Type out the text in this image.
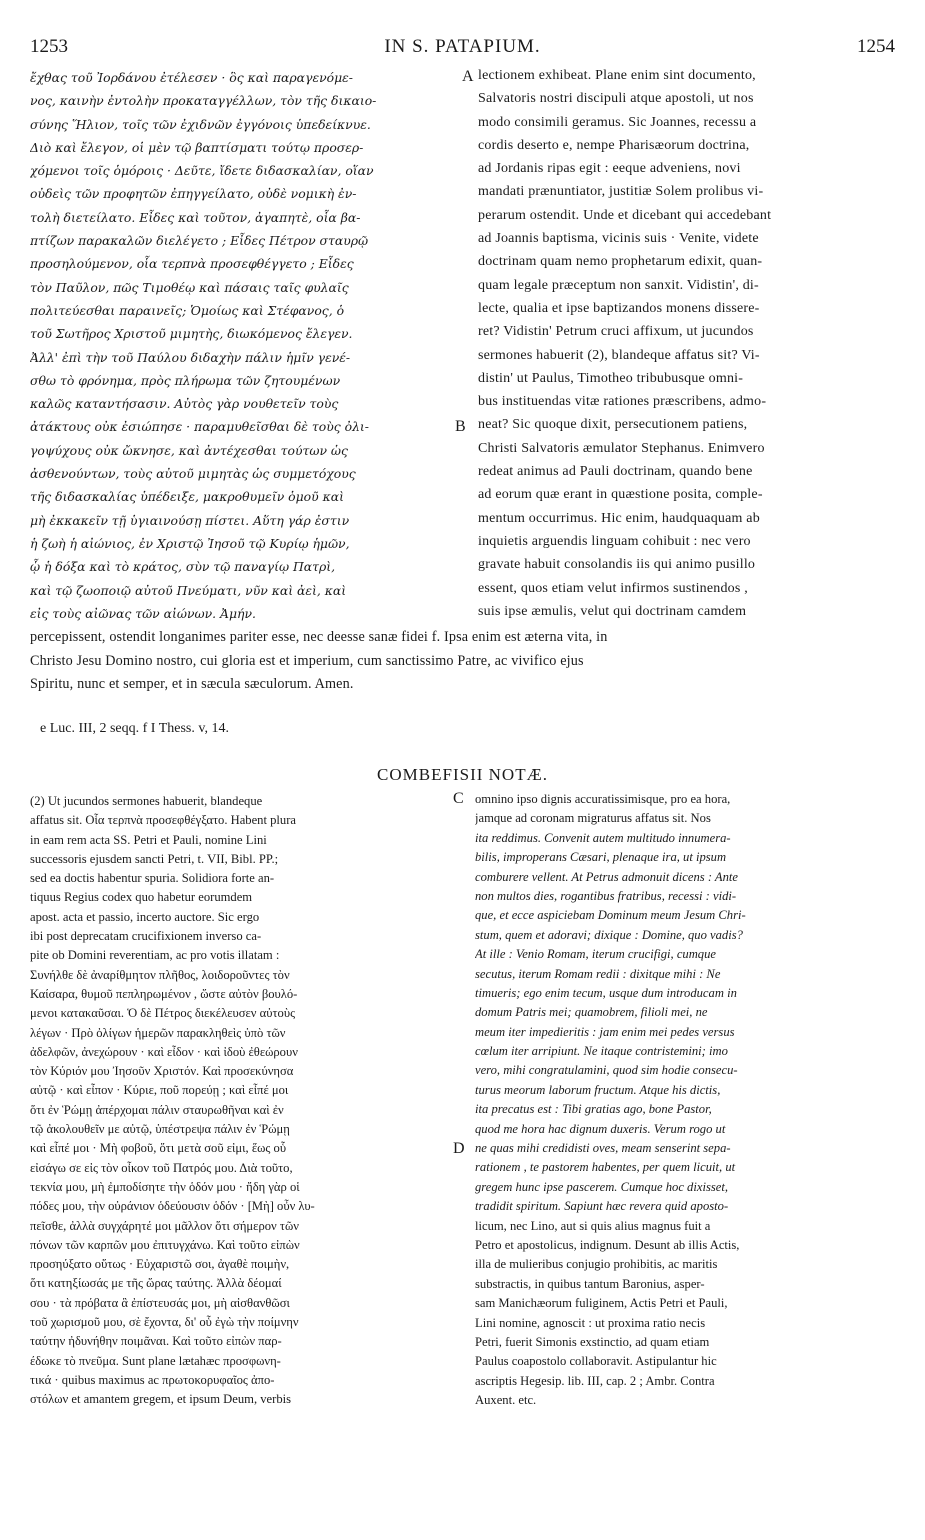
1253	IN S. PATAPIUM.	1254
ἔχθας τοῦ Ἰορδάνου ἐτέλεσεν · ὃς καὶ παραγενόμε-
νος, καινὴν ἐντολὴν προκαταγγέλλων, τὸν τῆς δικαιο-
σύνης Ἥλιον, τοῖς τῶν ἐχιδνῶν ἐγγόνοις ὑπεδείκνυε.
Διὸ καὶ ἔλεγον, οἱ μὲν τῷ βαπτίσματι τούτῳ προσερ-
χόμενοι τοῖς ὁμόροις · Δεῦτε, ἴδετε διδασκαλίαν, οἵαν
οὐδεὶς τῶν προφητῶν ἐπηγγείλατο, οὐδὲ νομικὴ ἐν-
τολὴ διετείλατο. Εἶδες καὶ τοῦτον, ἀγαπητὲ, οἷα βα-
πτίζων παρακαλῶν διελέγετο ; Εἶδες Πέτρον σταυρῷ
προσηλούμενον, οἷα τερπνὰ προσεφθέγγετο ; Εἶδες
τὸν Παῦλον, πῶς Τιμοθέῳ καὶ πάσαις ταῖς φυλαῖς
πολιτεύεσθαι παραινεῖς; Ὁμοίως καὶ Στέφανος, ὁ
τοῦ Σωτῆρος Χριστοῦ μιμητὴς, διωκόμενος ἔλεγεν.
Ἀλλ' ἐπὶ τὴν τοῦ Παύλου διδαχὴν πάλιν ἡμῖν γενέ-
σθω τὸ φρόνημα, πρὸς πλήρωμα τῶν ζητουμένων
καλῶς καταντήσασιν. Αὐτὸς γὰρ νουθετεῖν τοὺς
ἀτάκτους οὐκ ἐσιώπησε · παραμυθεῖσθαι δὲ τοὺς ὀλι-
γοψύχους οὐκ ὤκνησε, καὶ ἀντέχεσθαι τούτων ὡς
ἀσθενούντων, τοὺς αὐτοῦ μιμητὰς ὡς συμμετόχους
τῆς διδασκαλίας ὑπέδειξε, μακροθυμεῖν ὁμοῦ καὶ
μὴ ἐκκακεῖν τῇ ὑγιαινούσῃ πίστει. Αὕτη γάρ ἐστιν
ἡ ζωὴ ἡ αἰώνιος, ἐν Χριστῷ Ἰησοῦ τῷ Κυρίῳ ἡμῶν,
ᾧ ἡ δόξα καὶ τὸ κράτος, σὺν τῷ παναγίῳ Πατρὶ,
καὶ τῷ ζωοποιῷ αὐτοῦ Πνεύματι, νῦν καὶ ἀεὶ, καὶ
εἰς τοὺς αἰῶνας τῶν αἰώνων. Ἀμήν.
lectionem exhibeat. Plane enim sint documento,
Salvatoris nostri discipuli atque apostoli, ut nos
modo consimili geramus. Sic Joannes, recessu a
cordis deserto e, nempe Pharisæorum doctrina,
ad Jordanis ripas egit : eeque adveniens, novi
mandati prænuntiator, justitiæ Solem prolibus vi-
perarum ostendit. Unde et dicebant qui accedebant
ad Joannis baptisma, vicinis suis · Venite, videte
doctrinam quam nemo prophetarum edixit, quan-
quam legale præceptum non sanxit. Vidistin', di-
lecte, qualia et ipse baptizandos monens dissere-
ret? Vidistin' Petrum cruci affixum, ut jucundos
sermones habuerit (2), blandeque affatus sit? Vi-
distin' ut Paulus, Timotheo tribubusque omni-
bus instituendas vitæ rationes præscribens, admo-
neat? Sic quoque dixit, persecutionem patiens,
Christi Salvatoris æmulator Stephanus. Enimvero
redeat animus ad Pauli doctrinam, quando bene
ad eorum quæ erant in quæstione posita, comple-
mentum occurrimus. Hic enim, haudquaquam ab
inquietis arguendis linguam cohibuit : nec vero
gravate habuit consolandis iis qui animo pusillo
essent, quos etiam velut infirmos sustinendos ,
suis ipse æmulis, velut qui doctrinam camdem
A
B
C
D
percepissent, ostendit longanimes pariter esse, nec deesse sanæ fidei f. Ipsa enim est æterna vita, in
Christo Jesu Domino nostro, cui gloria est et imperium, cum sanctissimo Patre, ac vivifico ejus
Spiritu, nunc et semper, et in sæcula sæculorum. Amen.
e Luc. III, 2 seqq. f I Thess. v, 14.
COMBEFISII NOTÆ.
(2) Ut jucundos sermones habuerit, blandeque
affatus sit. Οἷα τερπνὰ προσεφθέγξατο. Habent plura
in eam rem acta SS. Petri et Pauli, nomine Lini
successoris ejusdem sancti Petri, t. VII, Bibl. PP.;
sed ea doctis habentur spuria. Solidiora forte an-
tiquus Regius codex quo habetur eorumdem
apost. acta et passio, incerto auctore. Sic ergo
ibi post deprecatam crucifixionem inverso ca-
pite ob Domini reverentiam, ac pro votis illatam :
Συνήλθε δὲ ἀναρίθμητον πλῆθος, λοιδοροῦντες τὸν
Καίσαρα, θυμοῦ πεπληρωμένον , ὥστε αὐτὸν βουλό-
μενοι κατακαῦσαι. Ὁ δὲ Πέτρος διεκέλευσεν αὐτοὺς
λέγων · Πρὸ ὀλίγων ἡμερῶν παρακληθεὶς ὑπὸ τῶν
ἀδελφῶν, ἀνεχώρουν · καὶ εἶδον · καὶ ἰδοὺ ἐθεώρουν
τὸν Κύριόν μου Ἰησοῦν Χριστόν. Καὶ προσεκύνησα
αὐτῷ · καὶ εἶπον · Κύριε, ποῦ πορεύῃ ; καὶ εἶπέ μοι
ὅτι ἐν Ῥώμῃ ἀπέρχομαι πάλιν σταυρωθῆναι καὶ ἐν
τῷ ἀκολουθεῖν με αὐτῷ, ὑπέστρεψα πάλιν ἐν Ῥώμῃ
καὶ εἶπέ μοι · Μὴ φοβοῦ, ὅτι μετὰ σοῦ εἰμι, ἕως οὗ
εἰσάγω σε εἰς τὸν οἶκον τοῦ Πατρός μου. Διὰ τοῦτο,
τεκνία μου, μὴ ἐμποδίσητε τὴν ὁδόν μου · ἤδη γὰρ οἱ
πόδες μου, τὴν οὐράνιον ὁδεύουσιν ὁδόν · [Μὴ] οὖν λυ-
πεῖσθε, ἀλλὰ συγχάρητέ μοι μᾶλλον ὅτι σήμερον τῶν
πόνων τῶν καρπῶν μου ἐπιτυγχάνω. Καὶ τοῦτο εἰπὼν
προσηύξατο οὕτως · Εὐχαριστῶ σοι, ἀγαθὲ ποιμὴν,
ὅτι κατηξίωσάς με τῆς ὥρας ταύτης. Ἀλλὰ δέομαί
σου · τὰ πρόβατα ἃ ἐπίστευσάς μοι, μὴ αἰσθανθῶσι
τοῦ χωρισμοῦ μου, σὲ ἔχοντα, δι' οὗ ἐγὼ τὴν ποίμνην
ταύτην ἠδυνήθην ποιμᾶναι. Καὶ τοῦτο εἰπὼν παρ-
έδωκε τὸ πνεῦμα. Sunt plane lætahæc προσφωνη-
τικά · quibus maximus ac πρωτοκορυφαῖος ἀπο-
στόλων et amantem gregem, et ipsum Deum, verbis
omnino ipso dignis accuratissimisque, pro ea hora,
jamque ad coronam migraturus affatus sit. Nos
ita reddimus. Convenit autem multitudo innumera-
bilis, improperans Cæsari, plenaque ira, ut ipsum
comburere vellent. At Petrus admonuit dicens : Ante
non multos dies, rogantibus fratribus, recessi : vidi-
que, et ecce aspiciebam Dominum meum Jesum Chri-
stum, quem et adoravi; dixique : Domine, quo vadis?
At ille : Venio Romam, iterum crucifigi, cumque
secutus, iterum Romam redii : dixitque mihi : Ne
timueris; ego enim tecum, usque dum introducam in
domum Patris mei; quamobrem, filioli mei, ne
meum iter impedieritis : jam enim mei pedes versus
cœlum iter arripiunt. Ne itaque contristemini; imo
vero, mihi congratulamini, quod sim hodie consecu-
turus meorum laborum fructum. Atque his dictis,
ita precatus est : Tibi gratias ago, bone Pastor,
quod me hora hac dignum duxeris. Verum rogo ut
ne quas mihi credidisti oves, meam senserint sepa-
rationem , te pastorem habentes, per quem licuit, ut
gregem hunc ipse pascerem. Cumque hoc dixisset,
tradidit spiritum. Sapiunt hæc revera quid aposto-
licum, nec Lino, aut si quis alius magnus fuit a
Petro et apostolicus, indignum. Desunt ab illis Actis,
illa de mulieribus conjugio prohibitis, ac maritis
substractis, in quibus tantum Baronius, asper-
sam Manichæorum fuliginem, Actis Petri et Pauli,
Lini nomine, agnoscit : ut proxima ratio necis
Petri, fuerit Simonis exstinctio, ad quam etiam
Paulus coapostolo collaboravit. Astipulantur hic
ascriptis Hegesip. lib. III, cap. 2 ; Ambr. Contra
Auxent. etc.
